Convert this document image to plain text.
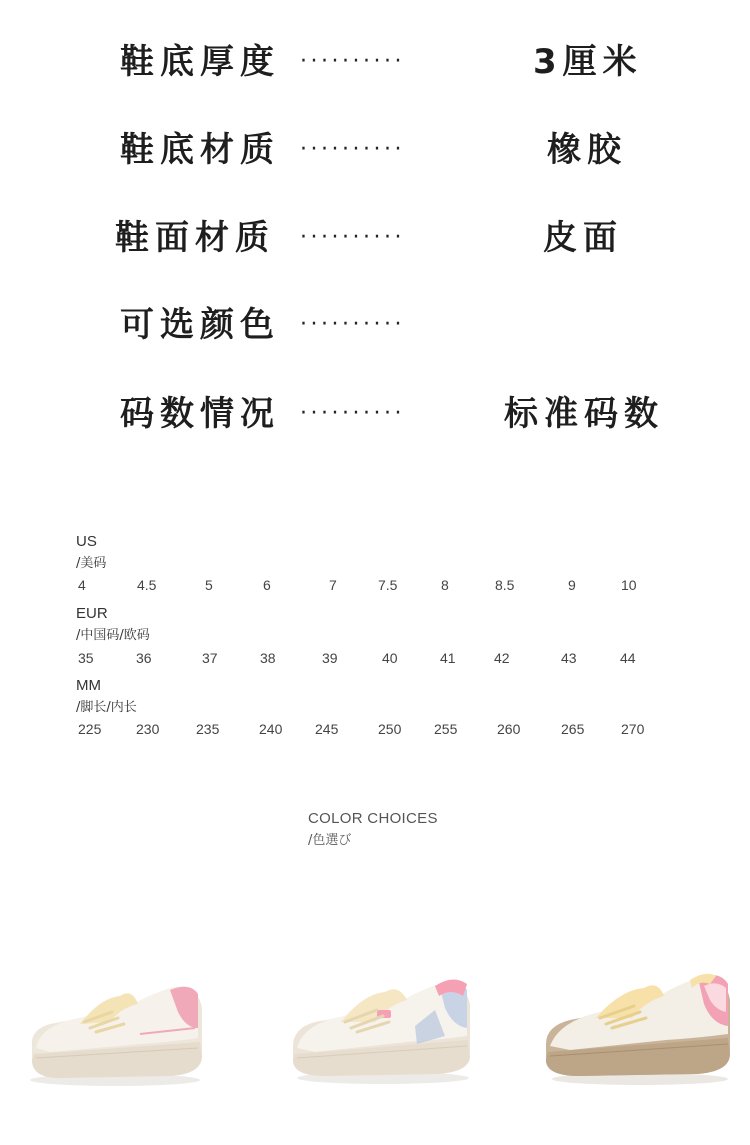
鞋底厚度 ··········	3厘米
鞋底材质 ··········	橡胶
鞋面材质 ··········	皮面
可选颜色 ··········
码数情况 ··········	标准码数
US
/美码
4	4.5	5	6	7	7.5	8	8.5	9	10
EUR
/中国码/欧码
35	36	37	38	39	40	41	42	43	44
MM
/脚长/内长
225 230	235	240 245	250 255	260	265	270
COLOR CHOICES
/色選び
